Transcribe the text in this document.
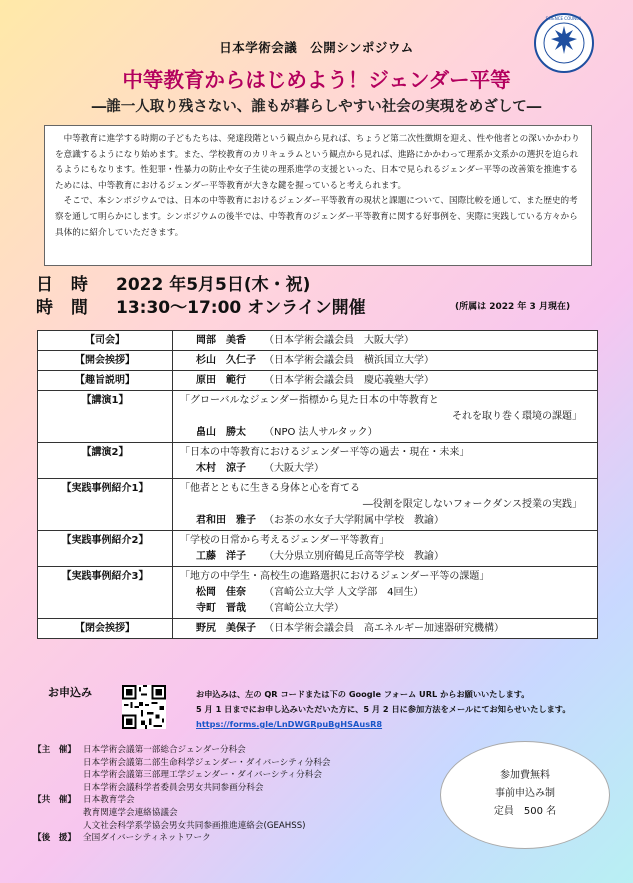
SCIENCE COUNCIL
日本学術会議　公開シンポジウム
中等教育からはじめよう！ジェンダー平等
―誰一人取り残さない、誰もが暮らしやすい社会の実現をめざして―

中等教育に進学する時期の子どもたちは、発達段階という観点から見れば、ちょうど第二次性徴期を迎え、性や他者との深いかかわりを意識するようになり始めます。また、学校教育のカリキュラムという観点から見れば、進路にかかわって理系か文系かの選択を迫られるようにもなります。性犯罪・性暴力の防止や女子生徒の理系進学の支援といった、日本で見られるジェンダー平等の改善策を推進するためには、中等教育におけるジェンダー平等教育が大きな鍵を握っていると考えられます。

そこで、本シンポジウムでは、日本の中等教育におけるジェンダー平等教育の現状と課題について、国際比較を通して、また歴史的考察を通して明らかにします。シンポジウムの後半では、中等教育のジェンダー平等教育に関する好事例を、実際に実践している方々から具体的に紹介していただきます。

日 時 2022 年5月5日(木・祝)
時 間 13:30～17:00 オンライン開催	(所属は 2022 年 3 月現在)
【司会】	岡部　美香 （日本学術会議会員　大阪大学）
【開会挨拶】	杉山　久仁子 （日本学術会議会員　横浜国立大学）
【趣旨説明】	原田　範行 （日本学術会議会員　慶応義塾大学）
【講演1】	「グローバルなジェンダー指標から見た日本の中等教育と
それを取り巻く環境の課題」
畠山　勝太 （NPO 法人サルタック）

【講演2】	「日本の中等教育におけるジェンダー平等の過去・現在・未来」
木村　涼子 （大阪大学）

【実践事例紹介1】	「他者とともに生きる身体と心を育てる
―役割を限定しないフォークダンス授業の実践」
君和田　雅子 （お茶の水女子大学附属中学校　教諭）

【実践事例紹介2】	「学校の日常から考えるジェンダー平等教育」
工藤　洋子 （大分県立別府鶴見丘高等学校　教諭）

【実践事例紹介3】	「地方の中学生・高校生の進路選択におけるジェンダー平等の課題」
松岡　佳奈 （宮崎公立大学 人文学部　4回生）
寺町　晋哉 （宮崎公立大学）

【閉会挨拶】	野尻　美保子 （日本学術会議会員　高エネルギー加速器研究機構）
お申込み	お申込みは、左の QR コードまたは下の Google フォーム URL からお願いいたします。
5 月 1 日までにお申し込みいただいた方に、5 月 2 日に参加方法をメールにてお知らせいたします。
https://forms.gle/LnDWGRpuBgHSAusR8
【主　催】 日本学術会議第一部総合ジェンダー分科会
日本学術会議第二部生命科学ジェンダー・ダイバーシティ分科会
日本学術会議第三部理工学ジェンダー・ダイバーシティ分科会
日本学術会議科学者委員会男女共同参画分科会
【共　催】 日本教育学会
教育関連学会連絡協議会
人文社会科学系学協会男女共同参画推進連絡会(GEAHSS)
【後　援】 全国ダイバーシティネットワーク
参加費無料
事前申込み制
定員　500 名
